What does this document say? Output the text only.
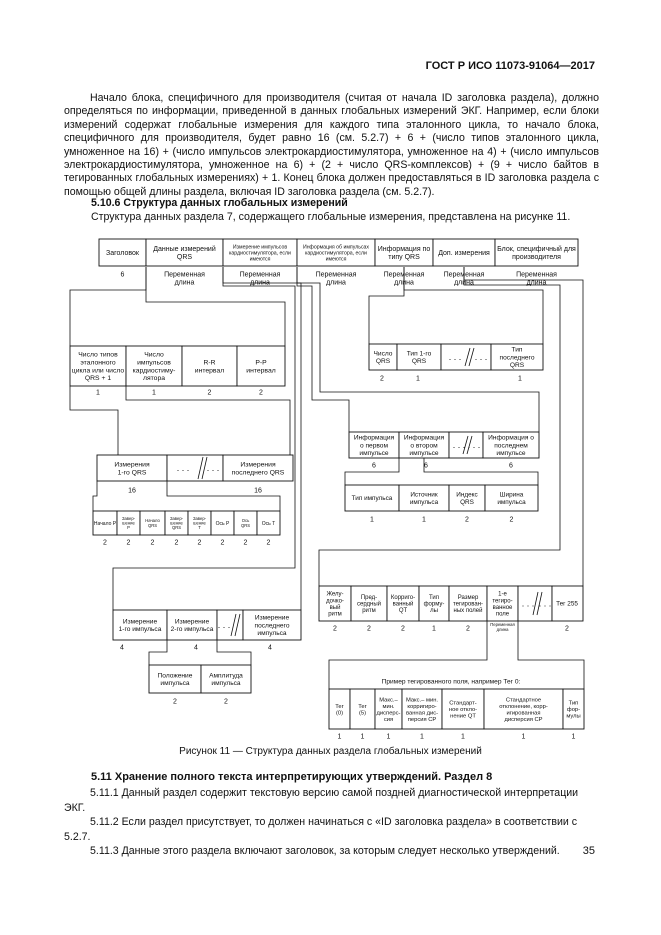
ГОСТ Р ИСО 11073-91064—2017

Начало блока, специфичного для производителя (считая от начала ID заголовка раздела), должно определяться по информации, приведенной в данных глобальных измерений ЭКГ. Например, если блоки измерений содержат глобальные измерения для каждого типа эталонного цикла, то начало блока, специфичного для производителя, будет равно 16 (см. 5.2.7) + 6 + (число типов эталонного цикла, умноженное на 16) + (число импульсов электрокардиостимулятора, умноженное на 4) + (число импульсов электрокардиостимулятора, умноженное на 6) + (2 + число QRS-комплексов) + (9 + число байтов в тегированных глобальных измерениях) + 1. Конец блока должен предоставляться в ID заголовка раздела с помощью общей длины раздела, включая ID заголовка раздела (см. 5.2.7).

5.10.6 Структура данных глобальных измерений
Структура данных раздела 7, содержащего глобальные измерения, представлена на рисунке 11.
Заголовок
6
Данные измерений QRS
Переменная длина
Измерение импульсов кардиостимулятора, если имеются
Переменная длина
Информация об импульсах кардиостимулятора, если имеются
Переменная длина
Информация по типу QRS
Переменная длина
Доп. измерения
Переменная длина
Блок, специфичный для производителя
Переменная длина
Число типов эталонного цикла или число QRS + 1
1
Число импульсов кардиостиму-лятора
1
R-R интервал
2
P-P интервал
2
Измерения 1-го QRS
16
. . . . . .	Измерения последнего QRS
16
Начало P
2
Завер-шение P
2
Начало QRS
2
Завер-шение QRS
2
Завер-шение T
2
Ось P
2
Ось QRS
2
Ось T
2
Измерение 1-го импульса
4
Измерение 2-го импульса
4
. . .
Измерение последнего импульса
4
Положение импульса
2
Амплитуда импульса
2
Информация о первом импульсе
6
Информация о втором импульсе
6
. . . . . .
Информация о последнем импульсе
6
Тип импульса
1
Источник импульса
1
Индекс QRS
2
Ширина импульса
2
Число QRS
2
Тип 1-го QRS
1
. . . . . .
Тип последнего QRS
1
Желу-дочко-вый ритм
2
Пред-сердный ритм
2
Корриго-ванный QT
2
Тип форму-лы
1
Размер тегирован-ных полей
2
1-е тегиро-ванное поле
Переменная длина
. . . . . . Тег 255
2
Пример тегированного поля, например Тег 0:
Тег (0)
1
Тег (5)
1
Макс.– мин. дисперс-сия
1
Макс.– мин. корригиро-ванная дис-персия СР
1
Стандарт-ное откло-нение QT
1
Стандартное отклонение, корр-игированная дисперсия СР
1
Тип фор-мулы
1
Рисунок 11 — Структура данных раздела глобальных измерений
5.11 Хранение полного текста интерпретирующих утверждений. Раздел 8

5.11.1 Данный раздел содержит текстовую версию самой поздней диагностической интерпретации ЭКГ.

5.11.2 Если раздел присутствует, то должен начинаться с «ID заголовка раздела» в соответствии с 5.2.7.

5.11.3 Данные этого раздела включают заголовок, за которым следует несколько утверждений.	35
